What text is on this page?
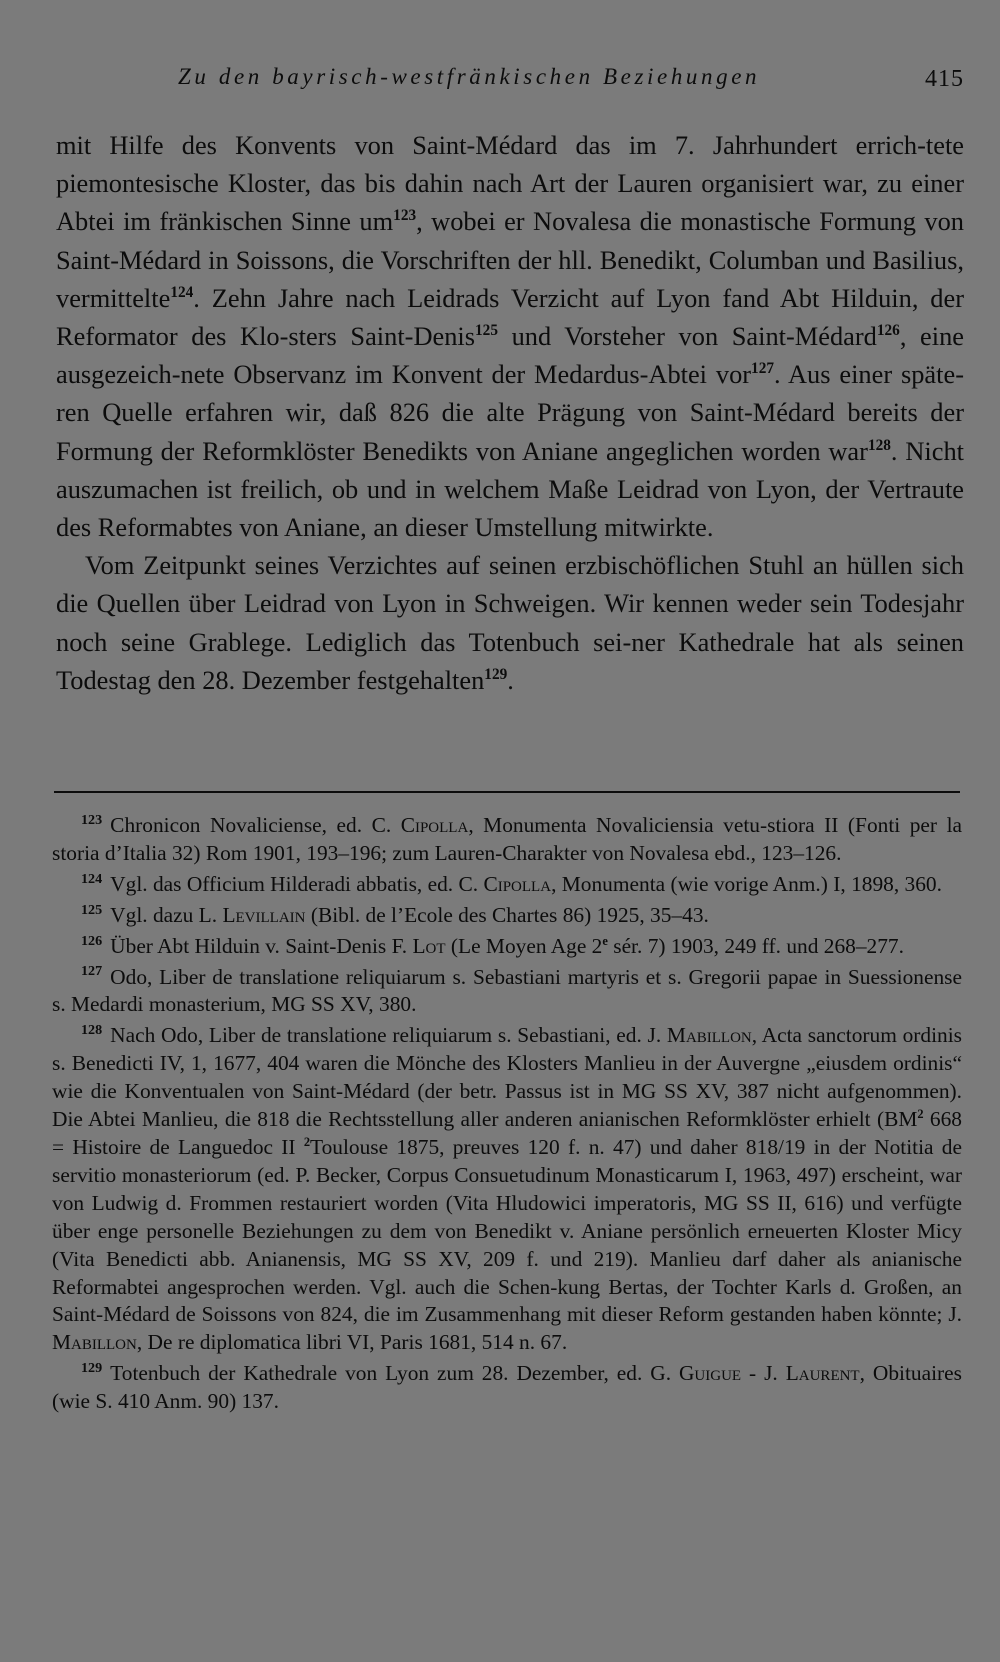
Zu den bayrisch-westfränkischen Beziehungen	415

mit Hilfe des Konvents von Saint-Médard das im 7. Jahrhundert errich-tete piemontesische Kloster, das bis dahin nach Art der Lauren organisiert war, zu einer Abtei im fränkischen Sinne $um^{123}$, wobei er Novalesa die monastische Formung von Saint-Médard in Soissons, die Vorschriften der hll. Benedikt, Columban und Basilius, vermittelte$^{124}$. Zehn Jahre nach Leidrads Verzicht auf Lyon fand Abt Hilduin, der Reformator des Klo-sters Saint-Denis$^{125}$ und Vorsteher von Saint-Médard$^{126}$, eine ausgezeich-nete Observanz im Konvent der Medardus-Abtei vor$^{127}$. Aus einer späte-ren Quelle erfahren wir, daß 826 die alte Prägung von Saint-Médard bereits der Formung der Reformklöster Benedikts von Aniane angeglichen worden war$^{128}$. Nicht auszumachen ist freilich, ob und in welchem Maße Leidrad von Lyon, der Vertraute des Reformabtes von Aniane, an dieser Umstellung mitwirkte.

Vom Zeitpunkt seines Verzichtes auf seinen erzbischöflichen Stuhl an hüllen sich die Quellen über Leidrad von Lyon in Schweigen. Wir kennen weder sein Todesjahr noch seine Grablege. Lediglich das Totenbuch sei-ner Kathedrale hat als seinen Todestag den 28. Dezember festgehalten$^{129}$.

$^{123}$ Chronicon Novaliciense, ed. C. Cipolla, Monumenta Novaliciensia vetu-stiora II (Fonti per la storia d’Italia 32) Rom 1901, 193–196; zum Lauren-Charakter von Novalesa ebd., 123–126.

$^{124}$ Vgl. das Officium Hilderadi abbatis, ed. C. Cipolla, Monumenta (wie vorige Anm.) I, 1898, 360.

$^{125}$ Vgl. dazu L. Levillain (Bibl. de l’Ecole des Chartes 86) 1925, 35–43.

$^{126}$ Über Abt Hilduin v. Saint-Denis F. Lot (Le Moyen Age 2e sér. 7) 1903, 249 ff. und 268–277.

$^{127}$ Odo, Liber de translatione reliquiarum s. Sebastiani martyris et s. Gregorii papae in Suessionense s. Medardi monasterium, MG SS XV, 380.

$^{128}$ Nach Odo, Liber de translatione reliquiarum s. Sebastiani, ed. J. Mabillon, Acta sanctorum ordinis s. Benedicti IV, 1, 1677, 404 waren die Mönche des Klosters Manlieu in der Auvergne „eiusdem ordinis“ wie die Konventualen von Saint-Médard (der betr. Passus ist in MG SS XV, 387 nicht aufgenommen). Die Abtei Manlieu, die 818 die Rechtsstellung aller anderen anianischen Reformklöster erhielt ($BM^2$ 668 = Histoire de Languedoc II $^2$Toulouse 1875, preuves 120 f. n. 47) und daher 818/19 in der Notitia de servitio monasteriorum (ed. P. Becker, Corpus Consuetudinum Monasticarum I, 1963, 497) erscheint, war von Ludwig d. Frommen restauriert worden (Vita Hludowici imperatoris, MG SS II, 616) und verfügte über enge personelle Beziehungen zu dem von Benedikt v. Aniane persönlich erneuerten Kloster Micy (Vita Benedicti abb. Anianensis, MG SS XV, 209 f. und 219). Manlieu darf daher als anianische Reformabtei angesprochen werden. Vgl. auch die Schen-kung Bertas, der Tochter Karls d. Großen, an Saint-Médard de Soissons von 824, die im Zusammenhang mit dieser Reform gestanden haben könnte; J. Mabillon, De re diplomatica libri VI, Paris 1681, 514 n. 67.

$^{129}$ Totenbuch der Kathedrale von Lyon zum 28. Dezember, ed. G. Guigue - J. Laurent, Obituaires (wie S. 410 Anm. 90) 137.
